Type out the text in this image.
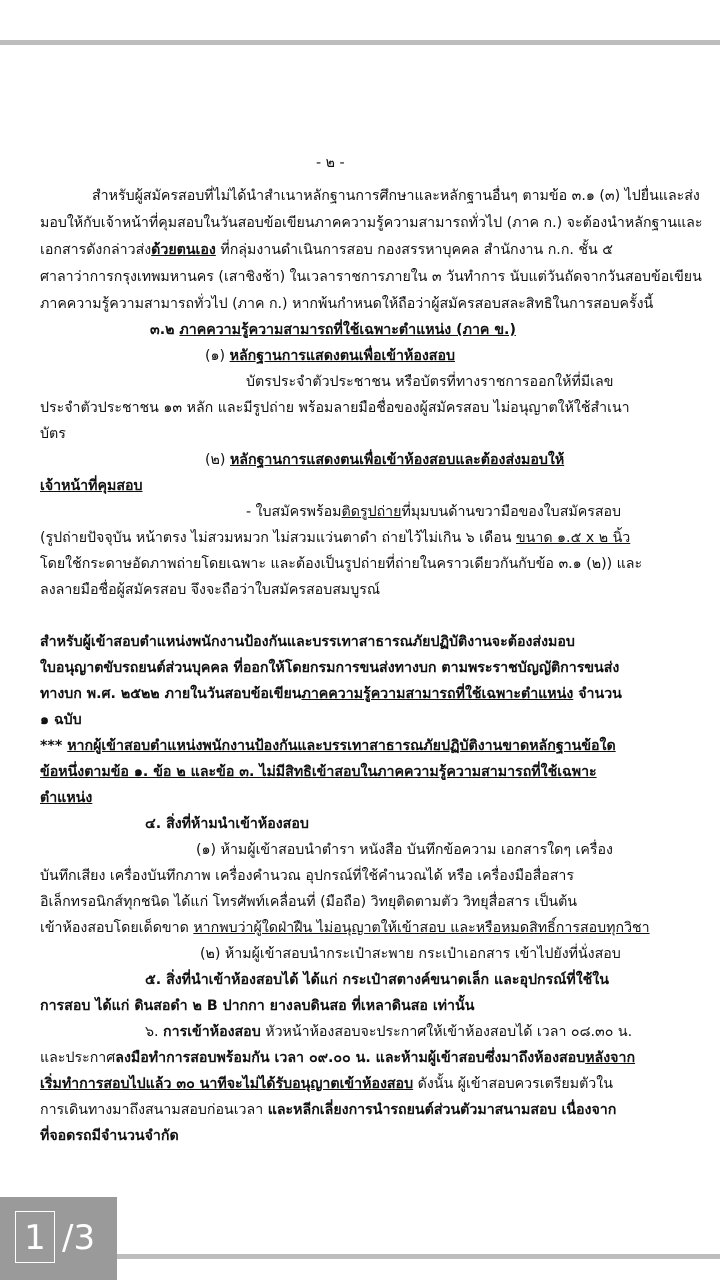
- ๒ -
สำหรับผู้สมัครสอบที่ไม่ได้นำสำเนาหลักฐานการศึกษาและหลักฐานอื่นๆ ตามข้อ ๓.๑ (๓) ไปยื่นและส่ง
มอบให้กับเจ้าหน้าที่คุมสอบในวันสอบข้อเขียนภาคความรู้ความสามารถทั่วไป (ภาค ก.) จะต้องนำหลักฐานและ
เอกสารดังกล่าวส่งด้วยตนเอง ที่กลุ่มงานดำเนินการสอบ กองสรรหาบุคคล สำนักงาน ก.ก. ชั้น ๕
ศาลาว่าการกรุงเทพมหานคร (เสาชิงช้า) ในเวลาราชการภายใน ๓ วันทำการ นับแต่วันถัดจากวันสอบข้อเขียน
ภาคความรู้ความสามารถทั่วไป (ภาค ก.) หากพ้นกำหนดให้ถือว่าผู้สมัครสอบสละสิทธิในการสอบครั้งนี้
๓.๒ ภาคความรู้ความสามารถที่ใช้เฉพาะตำแหน่ง (ภาค ข.)
(๑) หลักฐานการแสดงตนเพื่อเข้าห้องสอบ
บัตรประจำตัวประชาชน หรือบัตรที่ทางราชการออกให้ที่มีเลข
ประจำตัวประชาชน ๑๓ หลัก และมีรูปถ่าย พร้อมลายมือชื่อของผู้สมัครสอบ ไม่อนุญาตให้ใช้สำเนา
บัตร
(๒) หลักฐานการแสดงตนเพื่อเข้าห้องสอบและต้องส่งมอบให้
เจ้าหน้าที่คุมสอบ
- ใบสมัครพร้อมติดรูปถ่ายที่มุมบนด้านขวามือของใบสมัครสอบ
(รูปถ่ายปัจจุบัน หน้าตรง ไม่สวมหมวก ไม่สวมแว่นตาดำ ถ่ายไว้ไม่เกิน ๖ เดือน ขนาด ๑.๕ x ๒ นิ้ว
โดยใช้กระดาษอัดภาพถ่ายโดยเฉพาะ และต้องเป็นรูปถ่ายที่ถ่ายในคราวเดียวกันกับข้อ ๓.๑ (๒)) และ
ลงลายมือชื่อผู้สมัครสอบ จึงจะถือว่าใบสมัครสอบสมบูรณ์
สำหรับผู้เข้าสอบตำแหน่งพนักงานป้องกันและบรรเทาสาธารณภัยปฏิบัติงานจะต้องส่งมอบ
ใบอนุญาตขับรถยนต์ส่วนบุคคล ที่ออกให้โดยกรมการขนส่งทางบก ตามพระราชบัญญัติการขนส่ง
ทางบก พ.ศ. ๒๕๒๒ ภายในวันสอบข้อเขียนภาคความรู้ความสามารถที่ใช้เฉพาะตำแหน่ง จำนวน
๑ ฉบับ
*** หากผู้เข้าสอบตำแหน่งพนักงานป้องกันและบรรเทาสาธารณภัยปฏิบัติงานขาดหลักฐานข้อใด
ข้อหนึ่งตามข้อ ๑. ข้อ ๒ และข้อ ๓. ไม่มีสิทธิเข้าสอบในภาคความรู้ความสามารถที่ใช้เฉพาะ
ตำแหน่ง
๔. สิ่งที่ห้ามนำเข้าห้องสอบ
(๑) ห้ามผู้เข้าสอบนำตำรา หนังสือ บันทึกข้อความ เอกสารใดๆ เครื่อง
บันทึกเสียง เครื่องบันทึกภาพ เครื่องคำนวณ อุปกรณ์ที่ใช้คำนวณได้ หรือ เครื่องมือสื่อสาร
อิเล็กทรอนิกส์ทุกชนิด ได้แก่ โทรศัพท์เคลื่อนที่ (มือถือ) วิทยุติดตามตัว วิทยุสื่อสาร เป็นต้น
เข้าห้องสอบโดยเด็ดขาด หากพบว่าผู้ใดฝ่าฝืน ไม่อนุญาตให้เข้าสอบ และหรือหมดสิทธิ์การสอบทุกวิชา
(๒) ห้ามผู้เข้าสอบนำกระเป๋าสะพาย กระเป๋าเอกสาร เข้าไปยังที่นั่งสอบ
๕. สิ่งที่นำเข้าห้องสอบได้ ได้แก่ กระเป๋าสตางค์ขนาดเล็ก และอุปกรณ์ที่ใช้ใน
การสอบ ได้แก่ ดินสอดำ ๒ B ปากกา ยางลบดินสอ ที่เหลาดินสอ เท่านั้น
๖. การเข้าห้องสอบ หัวหน้าห้องสอบจะประกาศให้เข้าห้องสอบได้ เวลา ๐๘.๓๐ น.
และประกาศลงมือทำการสอบพร้อมกัน เวลา ๐๙.๐๐ น. และห้ามผู้เข้าสอบซึ่งมาถึงห้องสอบหลังจาก
เริ่มทำการสอบไปแล้ว ๓๐ นาทีจะไม่ได้รับอนุญาตเข้าห้องสอบ ดังนั้น ผู้เข้าสอบควรเตรียมตัวใน
การเดินทางมาถึงสนามสอบก่อนเวลา และหลีกเลี่ยงการนำรถยนต์ส่วนตัวมาสนามสอบ เนื่องจาก
ที่จอดรถมีจำนวนจำกัด
1 /3
